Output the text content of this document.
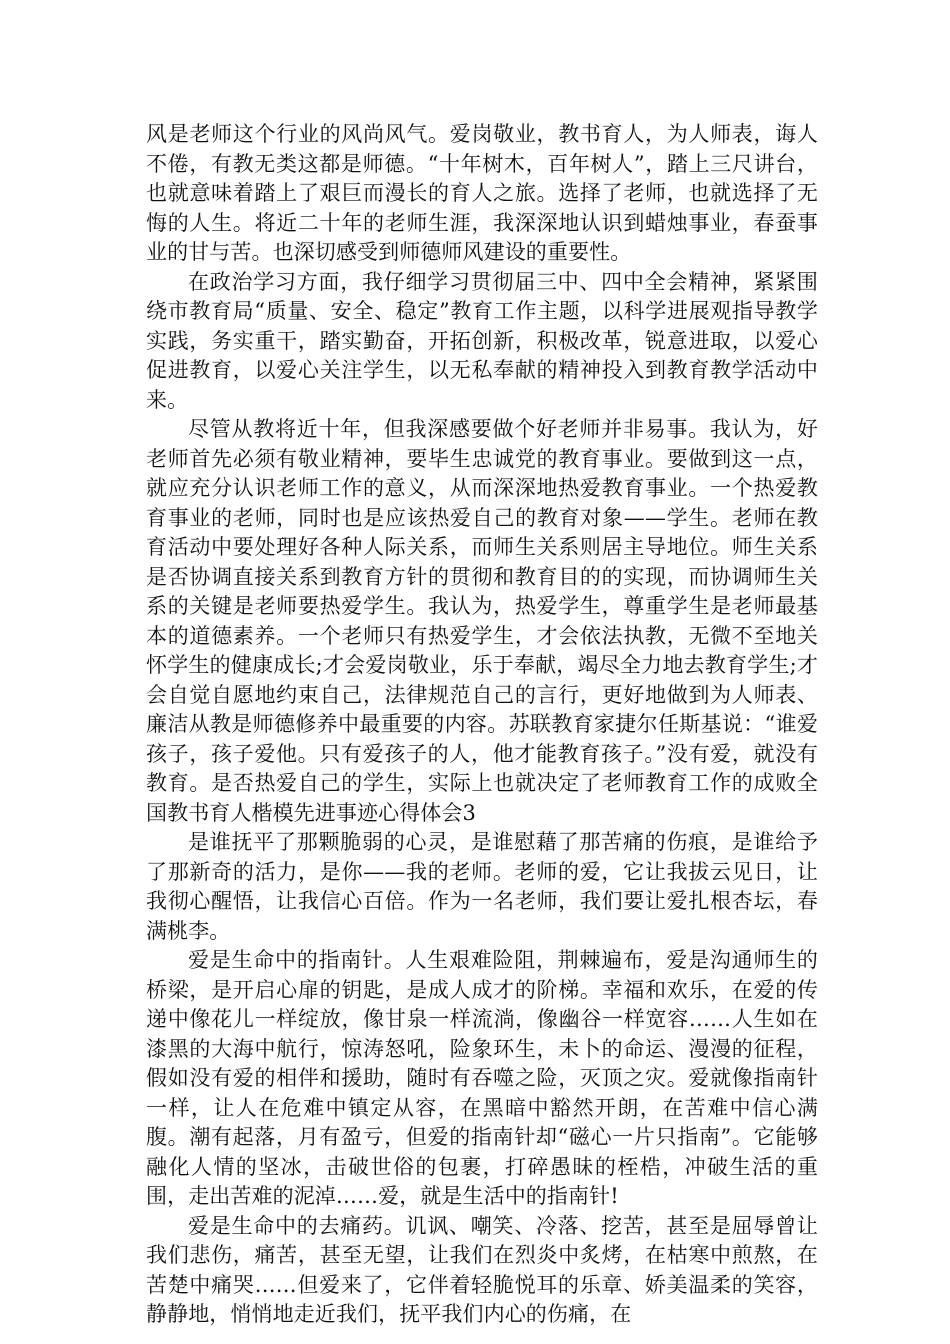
风是老师这个行业的风尚风气。爱岗敬业，教书育人，为人师表，诲人不倦，有教无类这都是师德。“十年树木，百年树人”，踏上三尺讲台，也就意味着踏上了艰巨而漫长的育人之旅。选择了老师，也就选择了无悔的人生。将近二十年的老师生涯，我深深地认识到蜡烛事业，春蚕事业的甘与苦。也深切感受到师德师风建设的重要性。

在政治学习方面，我仔细学习贯彻届三中、四中全会精神，紧紧围绕市教育局“质量、安全、稳定”教育工作主题，以科学进展观指导教学实践，务实重干，踏实勤奋，开拓创新，积极改革，锐意进取，以爱心促进教育，以爱心关注学生，以无私奉献的精神投入到教育教学活动中来。

尽管从教将近十年，但我深感要做个好老师并非易事。我认为，好老师首先必须有敬业精神，要毕生忠诚党的教育事业。要做到这一点，就应充分认识老师工作的意义，从而深深地热爱教育事业。一个热爱教育事业的老师，同时也是应该热爱自己的教育对象——学生。老师在教育活动中要处理好各种人际关系，而师生关系则居主导地位。师生关系是否协调直接关系到教育方针的贯彻和教育目的的实现，而协调师生关系的关键是老师要热爱学生。我认为，热爱学生，尊重学生是老师最基本的道德素养。一个老师只有热爱学生，才会依法执教，无微不至地关怀学生的健康成长;才会爱岗敬业，乐于奉献，竭尽全力地去教育学生;才会自觉自愿地约束自己，法律规范自己的言行，更好地做到为人师表、廉洁从教是师德修养中最重要的内容。苏联教育家捷尔任斯基说：“谁爱孩子，孩子爱他。只有爱孩子的人，他才能教育孩子。”没有爱，就没有教育。是否热爱自己的学生，实际上也就决定了老师教育工作的成败全国教书育人楷模先进事迹心得体会3

是谁抚平了那颗脆弱的心灵，是谁慰藉了那苦痛的伤痕，是谁给予了那新奇的活力，是你——我的老师。老师的爱，它让我拔云见日，让我彻心醒悟，让我信心百倍。作为一名老师，我们要让爱扎根杏坛，春满桃李。

爱是生命中的指南针。人生艰难险阻，荆棘遍布，爱是沟通师生的桥梁，是开启心扉的钥匙，是成人成才的阶梯。幸福和欢乐，在爱的传递中像花儿一样绽放，像甘泉一样流淌，像幽谷一样宽容……人生如在漆黑的大海中航行，惊涛怒吼，险象环生，未卜的命运、漫漫的征程，假如没有爱的相伴和援助，随时有吞噬之险，灭顶之灾。爱就像指南针一样，让人在危难中镇定从容，在黑暗中豁然开朗，在苦难中信心满腹。潮有起落，月有盈亏，但爱的指南针却“磁心一片只指南”。它能够融化人情的坚冰，击破世俗的包裹，打碎愚昧的桎梏，冲破生活的重围，走出苦难的泥淖……爱，就是生活中的指南针!

爱是生命中的去痛药。讥讽、嘲笑、冷落、挖苦，甚至是屈辱曾让我们悲伤，痛苦，甚至无望，让我们在烈炎中炙烤，在枯寒中煎熬，在苦楚中痛哭……但爱来了，它伴着轻脆悦耳的乐章、娇美温柔的笑容，静静地，悄悄地走近我们，抚平我们内心的伤痛，在
